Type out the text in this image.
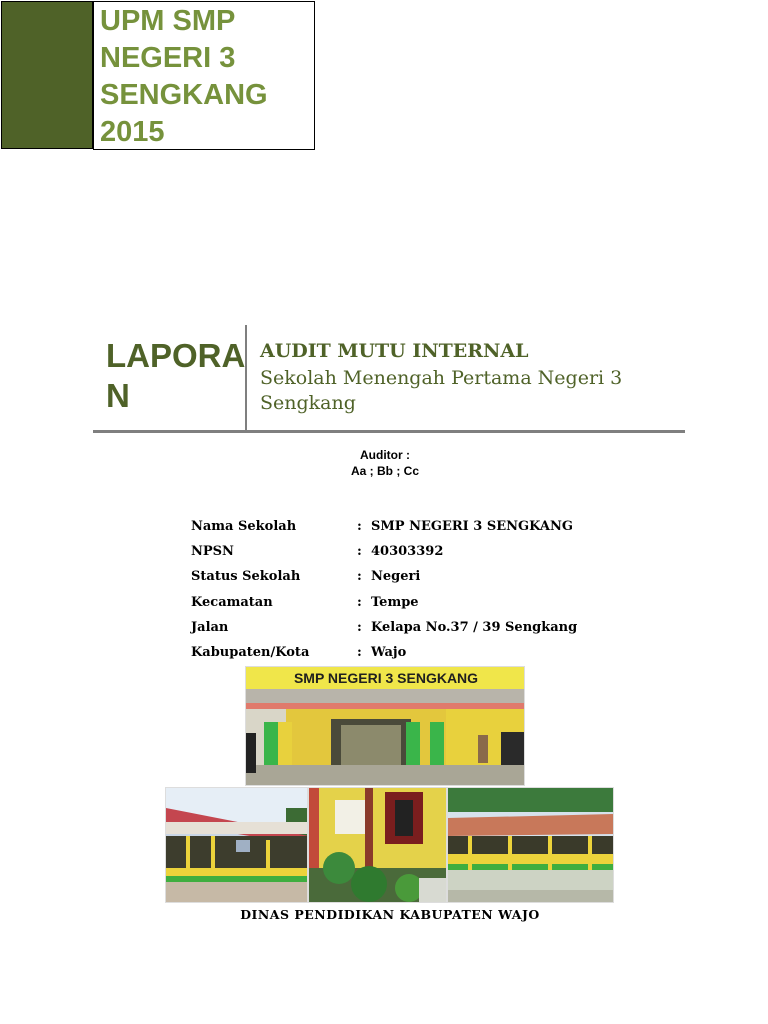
UPM SMP
NEGERI 3
SENGKANG
2015
LAPORA
N
AUDIT MUTU INTERNAL
Sekolah Menengah Pertama Negeri 3 Sengkang
Auditor :
Aa ; Bb ; Cc
Nama Sekolah	: SMP NEGERI 3 SENGKANG
NPSN	: 40303392
Status Sekolah	: Negeri
Kecamatan	: Tempe
Jalan	: Kelapa No.37 / 39 Sengkang
Kabupaten/Kota	: Wajo
SMP NEGERI 3 SENGKANG
DINAS PENDIDIKAN KABUPATEN WAJO
